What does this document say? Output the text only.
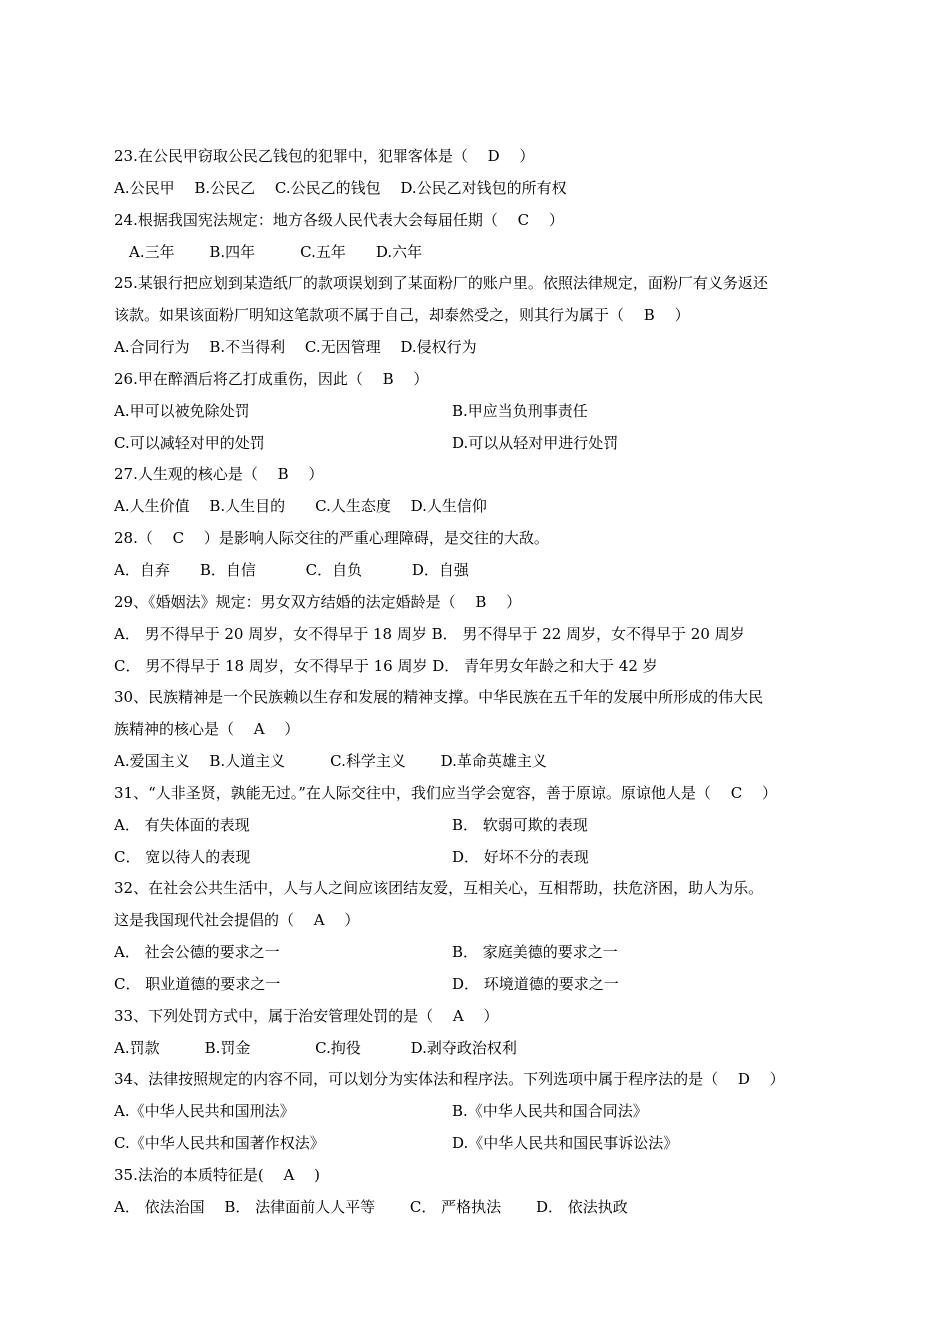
23.在公民甲窃取公民乙钱包的犯罪中，犯罪客体是（　 D　 ）
A.公民甲　 B.公民乙　 C.公民乙的钱包　 D.公民乙对钱包的所有权
24.根据我国宪法规定：地方各级人民代表大会每届任期（　 C　 ）
A.三年　　 B.四年　　　C.五年　　D.六年
25.某银行把应划到某造纸厂的款项误划到了某面粉厂的账户里。依照法律规定，面粉厂有义务返还
该款。如果该面粉厂明知这笔款项不属于自己，却泰然受之，则其行为属于（　 B　 ）
A.合同行为　 B.不当得利　 C.无因管理　 D.侵权行为
26.甲在醉酒后将乙打成重伤，因此（　 B　 ）
A.甲可以被免除处罚	B.甲应当负刑事责任
C.可以减轻对甲的处罚	D.可以从轻对甲进行处罚
27.人生观的核心是（　 B　 ）
A.人生价值　 B.人生目的　　C.人生态度　 D.人生信仰
28.（　 C　 ）是影响人际交往的严重心理障碍，是交往的大敌。
A．自弃　　B．自信　　　 C．自负　　　 D．自强
29、《婚姻法》规定：男女双方结婚的法定婚龄是（　 B　 ）
A． 男不得早于 20 周岁，女不得早于 18 周岁 B． 男不得早于 22 周岁，女不得早于 20 周岁
C． 男不得早于 18 周岁，女不得早于 16 周岁 D． 青年男女年龄之和大于 42 岁
30、民族精神是一个民族赖以生存和发展的精神支撑。中华民族在五千年的发展中所形成的伟大民
族精神的核心是（　 A　 ）
A.爱国主义　 B.人道主义　　　C.科学主义　　 D.革命英雄主义
31、“人非圣贤，孰能无过。”在人际交往中，我们应当学会宽容，善于原谅。原谅他人是（　 C　 ）
A． 有失体面的表现	B． 软弱可欺的表现
C． 宽以待人的表现	D． 好坏不分的表现
32、在社会公共生活中，人与人之间应该团结友爱，互相关心，互相帮助，扶危济困，助人为乐。
这是我国现代社会提倡的（　 A　 ）
A． 社会公德的要求之一	B． 家庭美德的要求之一
C． 职业道德的要求之一	D． 环境道德的要求之一
33、下列处罚方式中，属于治安管理处罚的是（　 A　 ）
A.罚款　　　B.罚金　　　　 C.拘役　　　 D.剥夺政治权利
34、法律按照规定的内容不同，可以划分为实体法和程序法。下列选项中属于程序法的是（　 D　 ）
A.《中华人民共和国刑法》	B.《中华人民共和国合同法》
C.《中华人民共和国著作权法》	D.《中华人民共和国民事诉讼法》
35.法治的本质特征是(　 A　 )
A． 依法治国　 B． 法律面前人人平等　　 C． 严格执法　　 D． 依法执政
